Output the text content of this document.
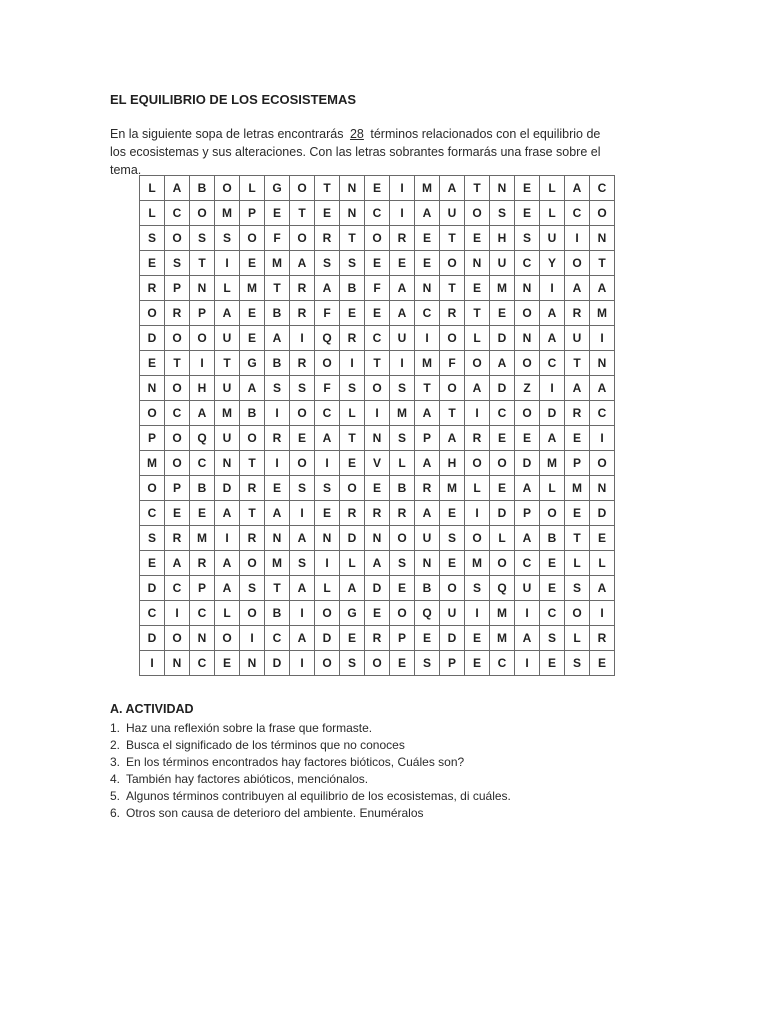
EL EQUILIBRIO DE LOS ECOSISTEMAS
En la siguiente sopa de letras encontrarás 28 términos relacionados con el equilibrio de los ecosistemas y sus alteraciones. Con las letras sobrantes formarás una frase sobre el tema.
L	A	B	O	L	G	O	T	N	E	I	M	A	T	N	E	L	A	C
L	C	O	M	P	E	T	E	N	C	I	A	U	O	S	E	L	C	O
S	O	S	S	O	F	O	R	T	O	R	E	T	E	H	S	U	I	N
E	S	T	I	E	M	A	S	S	E	E	E	O	N	U	C	Y	O	T
R	P	N	L	M	T	R	A	B	F	A	N	T	E	M	N	I	A	A
O	R	P	A	E	B	R	F	E	E	A	C	R	T	E	O	A	R	M
D	O	O	U	E	A	I	Q	R	C	U	I	O	L	D	N	A	U	I
E	T	I	T	G	B	R	O	I	T	I	M	F	O	A	O	C	T	N
N	O	H	U	A	S	S	F	S	O	S	T	O	A	D	Z	I	A	A
O	C	A	M	B	I	O	C	L	I	M	A	T	I	C	O	D	R	C
P	O	Q	U	O	R	E	A	T	N	S	P	A	R	E	E	A	E	I
M	O	C	N	T	I	O	I	E	V	L	A	H	O	O	D	M	P	O
O	P	B	D	R	E	S	S	O	E	B	R	M	L	E	A	L	M	N
C	E	E	A	T	A	I	E	R	R	R	A	E	I	D	P	O	E	D
S	R	M	I	R	N	A	N	D	N	O	U	S	O	L	A	B	T	E
E	A	R	A	O	M	S	I	L	A	S	N	E	M	O	C	E	L	L
D	C	P	A	S	T	A	L	A	D	E	B	O	S	Q	U	E	S	A
C	I	C	L	O	B	I	O	G	E	O	Q	U	I	M	I	C	O	I
D	O	N	O	I	C	A	D	E	R	P	E	D	E	M	A	S	L	R
I	N	C	E	N	D	I	O	S	O	E	S	P	E	C	I	E	S	E
A. ACTIVIDAD
1. Haz una reflexión sobre la frase que formaste.
2. Busca el significado de los términos que no conoces
3. En los términos encontrados hay factores bióticos, Cuáles son?
4. También hay factores abióticos, menciónalos.
5. Algunos términos contribuyen al equilibrio de los ecosistemas, di cuáles.
6. Otros son causa de deterioro del ambiente. Enuméralos
